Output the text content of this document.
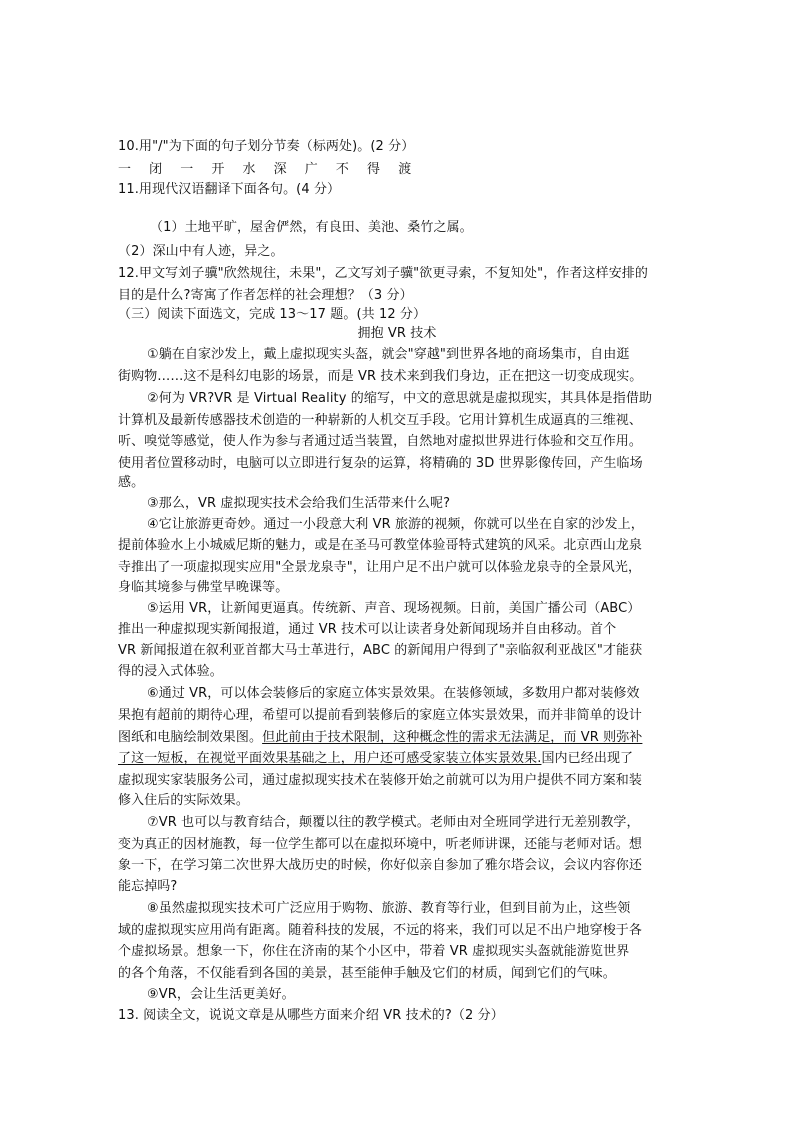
10.用"/"为下面的句子划分节奏（标两处)。(2 分）
一 闭 一 开 水 深 广 不 得 渡
11.用现代汉语翻译下面各句。(4 分）
（1）土地平旷，屋舍俨然，有良田、美池、桑竹之属。
（2）深山中有人迹，异之。
12.甲文写刘子骥"欣然规往，未果"，乙文写刘子骥"欲更寻索，不复知处"，作者这样安排的
目的是什么?寄寓了作者怎样的社会理想？（3 分）
（三）阅读下面选文，完成 13～17 题。(共 12 分）
拥抱 VR 技术
①躺在自家沙发上，戴上虚拟现实头盔，就会"穿越"到世界各地的商场集市，自由逛
街购物……这不是科幻电影的场景，而是 VR 技术来到我们身边，正在把这一切变成现实。
②何为 VR?VR 是 Virtual Reality 的缩写，中文的意思就是虚拟现实，其具体是指借助
计算机及最新传感器技术创造的一种崭新的人机交互手段。它用计算机生成逼真的三维视、
听、嗅觉等感觉，使人作为参与者通过适当装置，自然地对虚拟世界进行体验和交互作用。
使用者位置移动时，电脑可以立即进行复杂的运算，将精确的 3D 世界影像传回，产生临场
感。
③那么，VR 虚拟现实技术会给我们生活带来什么呢?
④它让旅游更奇妙。通过一小段意大利 VR 旅游的视频，你就可以坐在自家的沙发上，
提前体验水上小城威尼斯的魅力，或是在圣马可教堂体验哥特式建筑的风采。北京西山龙泉
寺推出了一项虚拟现实应用"全景龙泉寺"，让用户足不出户就可以体验龙泉寺的全景风光，
身临其境参与佛堂早晚课等。
⑤运用 VR，让新闻更逼真。传统新、声音、现场视频。日前，美国广播公司（ABC）
推出一种虚拟现实新闻报道，通过 VR 技术可以让读者身处新闻现场并自由移动。首个
VR 新闻报道在叙利亚首都大马士革进行，ABC 的新闻用户得到了"亲临叙利亚战区"才能获
得的浸入式体验。
⑥通过 VR，可以体会装修后的家庭立体实景效果。在装修领域，多数用户都对装修效
果抱有超前的期待心理，希望可以提前看到装修后的家庭立体实景效果，而并非简单的设计
图纸和电脑绘制效果图。但此前由于技术限制，这种概念性的需求无法满足，而 VR 则弥补
了这一短板，在视觉平面效果基础之上，用户还可感受家装立体实景效果.国内已经出现了
虚拟现实家装服务公司，通过虚拟现实技术在装修开始之前就可以为用户提供不同方案和装
修入住后的实际效果。
⑦VR 也可以与教育结合，颠覆以往的教学模式。老师由对全班同学进行无差别教学，
变为真正的因材施教，每一位学生都可以在虚拟环境中，听老师讲课，还能与老师对话。想
象一下，在学习第二次世界大战历史的时候，你好似亲自参加了雅尔塔会议，会议内容你还
能忘掉吗?
⑧虽然虚拟现实技术可广泛应用于购物、旅游、教育等行业，但到目前为止，这些领
域的虚拟现实应用尚有距离。随着科技的发展，不远的将来，我们可以足不出户地穿梭于各
个虚拟场景。想象一下，你住在济南的某个小区中，带着 VR 虚拟现实头盔就能游览世界
的各个角落，不仅能看到各国的美景，甚至能伸手触及它们的材质，闻到它们的气味。
⑨VR，会让生活更美好。
13. 阅读全文，说说文章是从哪些方面来介绍 VR 技术的?（2 分）
